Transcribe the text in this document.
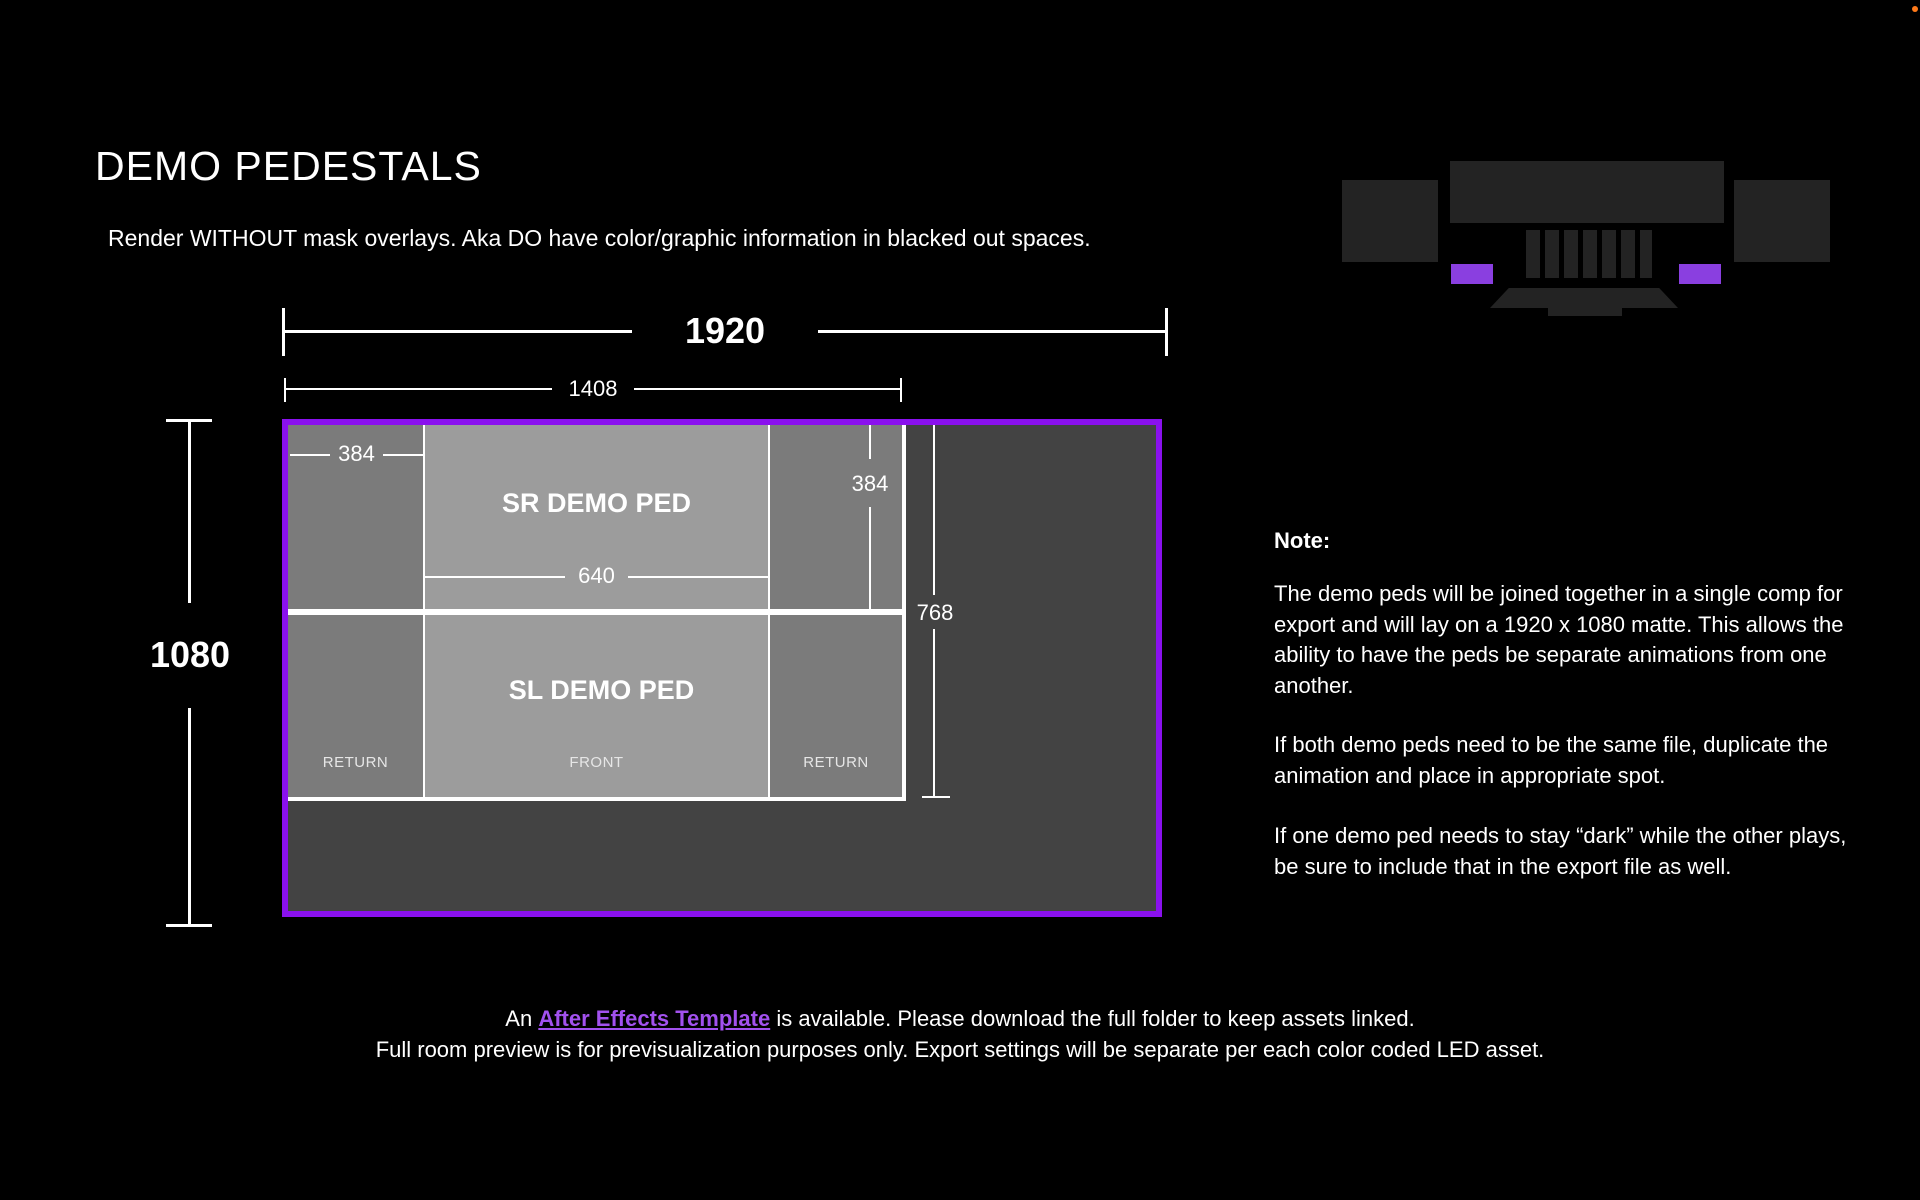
DEMO PEDESTALS
Render WITHOUT mask overlays. Aka DO have color/graphic information in blacked out spaces.
1920
1408
1080
384
SR DEMO PED
640
384
SL DEMO PED
RETURN	FRONT	RETURN
768
Note:
The demo peds will be joined together in a single comp for export and will lay on a 1920 x 1080 matte. This allows the ability to have the peds be separate animations from one another.
If both demo peds need to be the same file, duplicate the animation and place in appropriate spot.
If one demo ped needs to stay “dark” while the other plays, be sure to include that in the export file as well.
An After Effects Template is available. Please download the full folder to keep assets linked.
Full room preview is for previsualization purposes only. Export settings will be separate per each color coded LED asset.
